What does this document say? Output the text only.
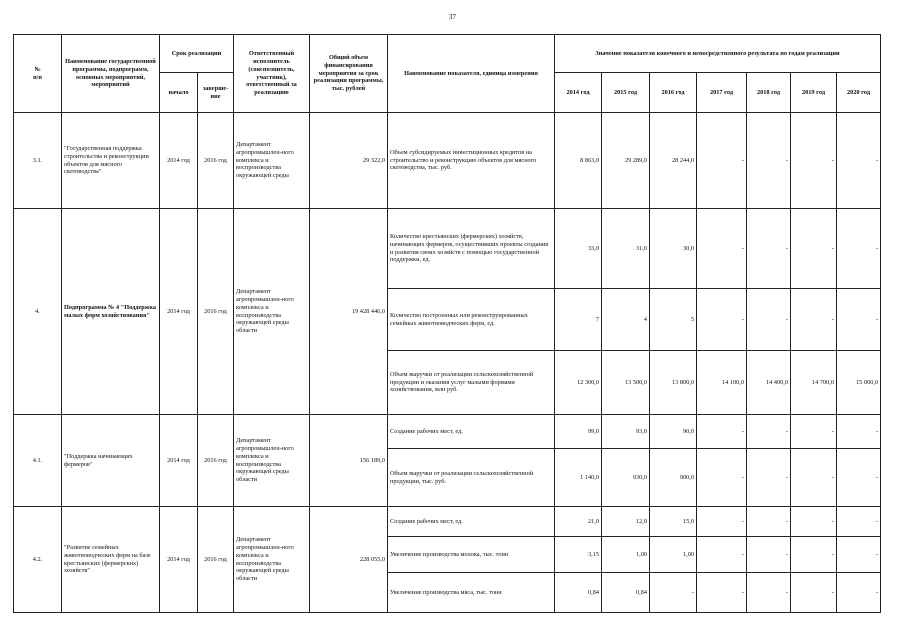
37
№
п/п	Наименование государственной программы, подпрограмм, основных мероприятий, мероприятий	Срок реализации		Ответственный исполнитель (соисполнитель, участник), ответственный за реализацию	Общий объем финансирования мероприятия за срок реализации программы, тыс. рублей	Наименование показателя, единица измерения	Значение показателя конечного и непосредственного результата по годам реализации						
		начало	заверше-ние				2014 год	2015 год	2016 год	2017 год	2018 год	2019 год	2020 год
3.1.	"Государственная поддержка строительства и реконструкции объектов для мясного скотоводства"	2014 год	2016 год	Департамент агропромышлен-ного комплекса и воспроизводства окружающей среды	29 322,0	Объем субсидируемых инвестиционных кредитов на строительство и реконструкцию объектов для мясного скотоводства, тыс. руб.	8 863,0	29 289,0	28 244,0	-	-	-	-
4.	Подпрограмма № 4 "Поддержка малых форм хозяйствования"	2014 год	2016 год	Департамент агропромышлен-ного комплекса и воспроизводства окружающей среды области	19 428 446,0	Количество крестьянских (фермерских) хозяйств, начинающих фермеров, осуществивших проекты создания и развития своих хозяйств с помощью государственной поддержки, ед.	33,0	31,0	30,0	-	-	-	-
						Количество построенных или реконструированных семейных животноводческих ферм, ед.	7	4	5	-	-	-	-
						Объем выручки от реализации сельскохозяйственной продукции и оказания услуг малыми формами хозяйствования, млн руб.	12 300,0	13 500,0	13 800,0	14 100,0	14 400,0	14 700,0	15 000,0
4.1.	"Поддержка начинающих фермеров"	2014 год	2016 год	Департамент агропромышлен-ного комплекса и воспроизводства окружающей среды области	156 189,0	Создание рабочих мест, ед.	99,0	93,0	90,0	-	-	-	-
						Объем выручки от реализации сельскохозяйственной продукции, тыс. руб.	1 140,0	930,0	900,0	-	-	-	-
4.2.	"Развитие семейных животноводческих ферм на базе крестьянских (фермерских) хозяйств"	2014 год	2016 год	Департамент агропромышлен-ного комплекса и воспроизводства окружающей среды области	228 055,0	Создание рабочих мест, ед.	21,0	12,0	15,0	-	-	-	-
						Увеличение производства молока, тыс. тонн	3,15	1,00	1,00	-	-	-	-
						Увеличение производства мяса, тыс. тонн	0,84	0,84	-	-	-	-	-
